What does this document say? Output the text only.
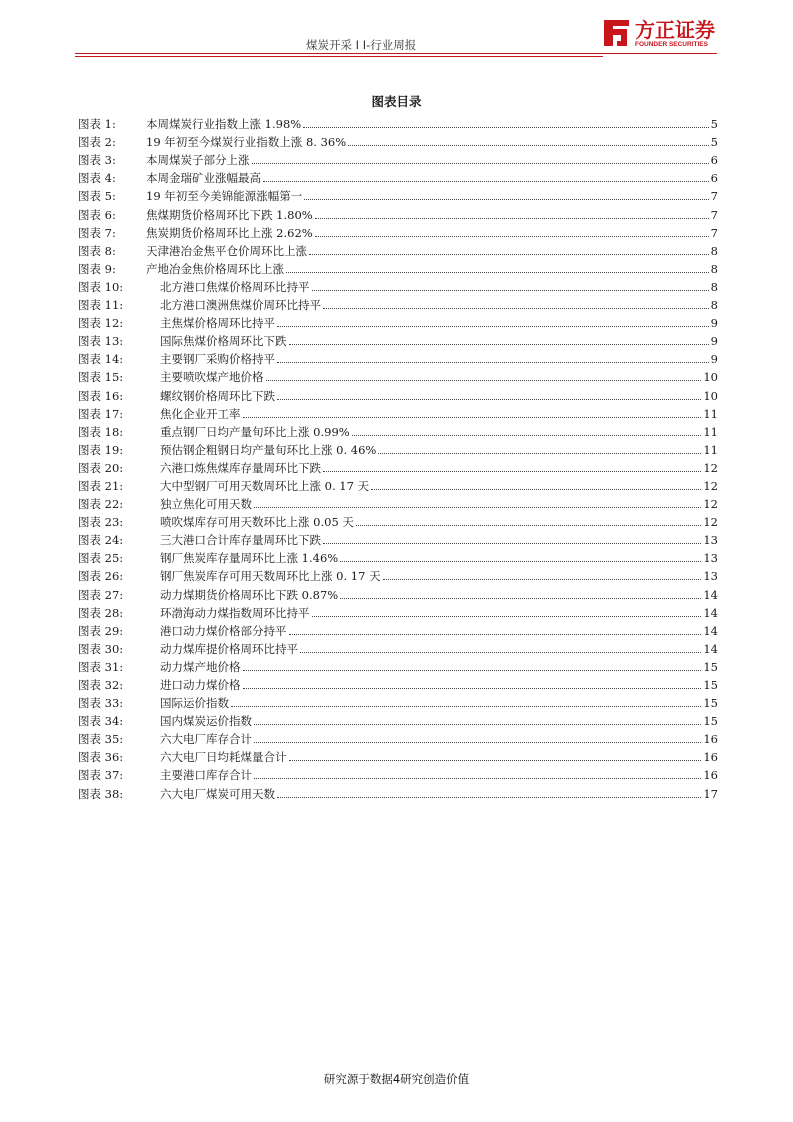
煤炭开采 I I-行业周报
方正证券
FOUNDER SECURITIES
图表目录
图表 1:	本周煤炭行业指数上涨 1.98%	5
图表 2:	19 年初至今煤炭行业指数上涨 8. 36%	5
图表 3:	本周煤炭子部分上涨	6
图表 4:	本周金瑞矿业涨幅最高	6
图表 5:	19 年初至今美锦能源涨幅第一	7
图表 6:	焦煤期货价格周环比下跌 1.80%	7
图表 7:	焦炭期货价格周环比上涨 2.62%	7
图表 8:	天津港冶金焦平仓价周环比上涨	8
图表 9:	产地冶金焦价格周环比上涨	8
图表 10:	北方港口焦煤价格周环比持平	8
图表 11:	北方港口澳洲焦煤价周环比持平	8
图表 12:	主焦煤价格周环比持平	9
图表 13:	国际焦煤价格周环比下跌	9
图表 14:	主要钢厂采购价格持平	9
图表 15:	主要喷吹煤产地价格	10
图表 16:	螺纹钢价格周环比下跌	10
图表 17:	焦化企业开工率	11
图表 18:	重点钢厂日均产量旬环比上涨 0.99%	11
图表 19:	预估钢企粗钢日均产量旬环比上涨 0. 46%	11
图表 20:	六港口炼焦煤库存量周环比下跌	12
图表 21:	大中型钢厂可用天数周环比上涨 0. 17 天	12
图表 22:	独立焦化可用天数	12
图表 23:	喷吹煤库存可用天数环比上涨 0.05 天	12
图表 24:	三大港口合计库存量周环比下跌	13
图表 25:	钢厂焦炭库存量周环比上涨 1.46%	13
图表 26:	钢厂焦炭库存可用天数周环比上涨 0. 17 天	13
图表 27:	动力煤期货价格周环比下跌 0.87%	14
图表 28:	环渤海动力煤指数周环比持平	14
图表 29:	港口动力煤价格部分持平	14
图表 30:	动力煤库提价格周环比持平	14
图表 31:	动力煤产地价格	15
图表 32:	进口动力煤价格	15
图表 33:	国际运价指数	15
图表 34:	国内煤炭运价指数	15
图表 35:	六大电厂库存合计	16
图表 36:	六大电厂日均耗煤量合计	16
图表 37:	主要港口库存合计	16
图表 38:	六大电厂煤炭可用天数	17
研究源于数据4研究创造价值
